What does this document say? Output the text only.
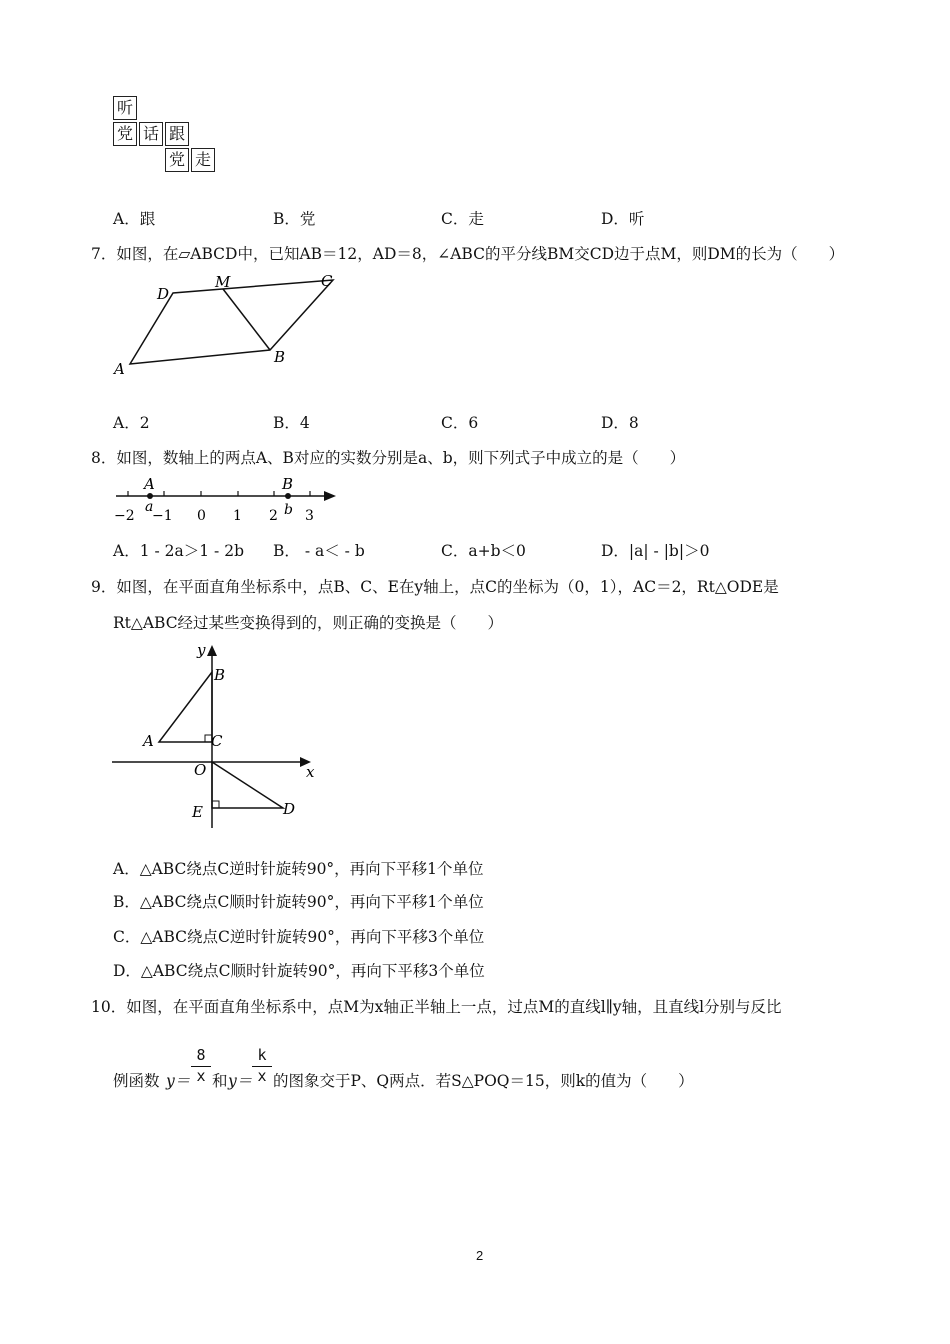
听
党 话 跟
党 走
A．跟	B．党	C．走	D．听
7．如图，在▱ABCD中，已知AB＝12，AD＝8，∠ABC的平分线BM交CD边于点M，则DM的长为（　　）
D
M	C
A
B
A．2	B．4	C．6	D．8
8．如图，数轴上的两点A、B对应的实数分别是a、b，则下列式子中成立的是（　　）
A	B
a	b
−2 −1 0 1 2 3
A．1 - 2a＞1 - 2b B． - a＜ - b	C．a+b＜0	D．|a| - |b|＞0
9．如图，在平面直角坐标系中，点B、C、E在y轴上，点C的坐标为（0，1），AC＝2，Rt△ODE是
Rt△ABC经过某些变换得到的，则正确的变换是（　　）
y
B
A	C
O	x
E	D
A．△ABC绕点C逆时针旋转90°，再向下平移1个单位
B．△ABC绕点C顺时针旋转90°，再向下平移1个单位
C．△ABC绕点C逆时针旋转90°，再向下平移3个单位
D．△ABC绕点C顺时针旋转90°，再向下平移3个单位
10．如图，在平面直角坐标系中，点M为x轴正半轴上一点，过点M的直线l∥y轴，且直线l分别与反比
例函数 $y= \frac{8}{x}$ 和 $y= \frac{k}{x}$ 的图象交于P、Q两点．若S△POQ＝15，则k的值为（　　）
2
